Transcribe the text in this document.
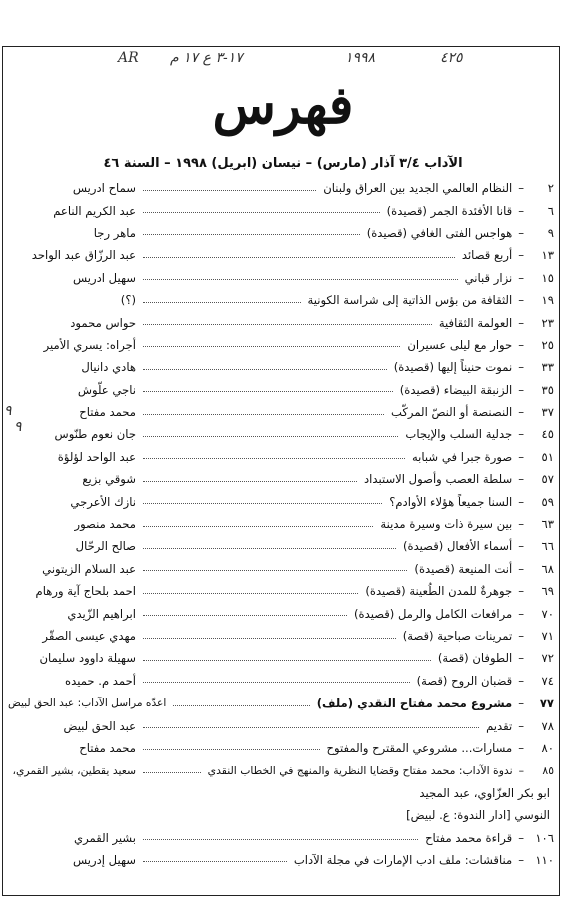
AR ١٧-٣ ع ١٧ م	١٩٩٨	٤٢٥
فهرس
الآداب ٣/٤ آذار (مارس) – نيسان (ابريل) ١٩٩٨ – السنة ٤٦
٢
–
النظام العالمي الجديد بين العراق ولبنان
سماح ادريس
٦
–
قانا الأفئدة الجمر (قصيدة)
عبد الكريم الناعم
٩
–
هواجس الفتى الغافي (قصيدة)
ماهر رجا
١٣
–
أربع قصائد
عبد الرزّاق عبد الواحد
١٥
–
نزار قباني
سهيل ادريس
١٩
–
الثقافة من بؤس الذاتية إلى شراسة الكونية
(؟)
٢٣
–
العولمة الثقافية
حواس محمود
٢٥
–
حوار مع ليلى عسيران
أجراه: يسري الأمير
٣٣
–
نموت حنيناً إليها (قصيدة)
هادي دانيال
٣٥
–
الزنبقة البيضاء (قصيدة)
ناجي علّوش
٣٧
–
النصنصة أو النصّ المركّب
محمد مفتاح
٩
٤٥
–
جدلية السلب والإيجاب
جان نعوم طنّوس
٩
٥١
–
صورة جبرا في شبابه
عبد الواحد لؤلؤة
٥٧
–
سلطة العصب وأصول الاستبداد
شوقي بزيع
٥٩
–
السنا جميعاً هؤلاء الأوادم؟
نازك الأعرجي
٦٣
–
بين سيرة ذات وسيرة مدينة
محمد منصور
٦٦
–
أسماء الأفعال (قصيدة)
صالح الرحّال
٦٨
–
أنت المنيعة (قصيدة)
عبد السلام الزيتوني
٦٩
–
جوهرةٌ للمدن الطُعينة (قصيدة)
احمد بلحاج آية ورهام
٧٠
–
مرافعات الكامل والرمل (قصيدة)
ابراهيم الزّيدي
٧١
–
تمرينات صباحية (قصة)
مهدي عيسى الصقّر
٧٢
–
الطوفان (قصة)
سهيلة داوود سليمان
٧٤
–
قضبان الروح (قصة)
أحمد م. حميده
٧٧
–
مشروع محمد مفتاح النقدي (ملف)
اعدّه مراسل الآداب: عبد الحق لبيض
٧٨
–
تقديم
عبد الحق لبيض
٨٠
–
مسارات... مشروعي المقترح والمفتوح
محمد مفتاح
٨٥
–
ندوة الآداب: محمد مفتاح وقضايا النظرية والمنهج في الخطاب النقدي
سعيد يقطين، بشير القمري،
ابو بكر العزّاوي، عبد المجيد
النوسي [ادار الندوة: ع. لبيض]
١٠٦
–
قراءة محمد مفتاح
بشير القمري
١١٠
–
مناقشات: ملف ادب الإمارات في مجلة الآداب
سهيل إدريس
